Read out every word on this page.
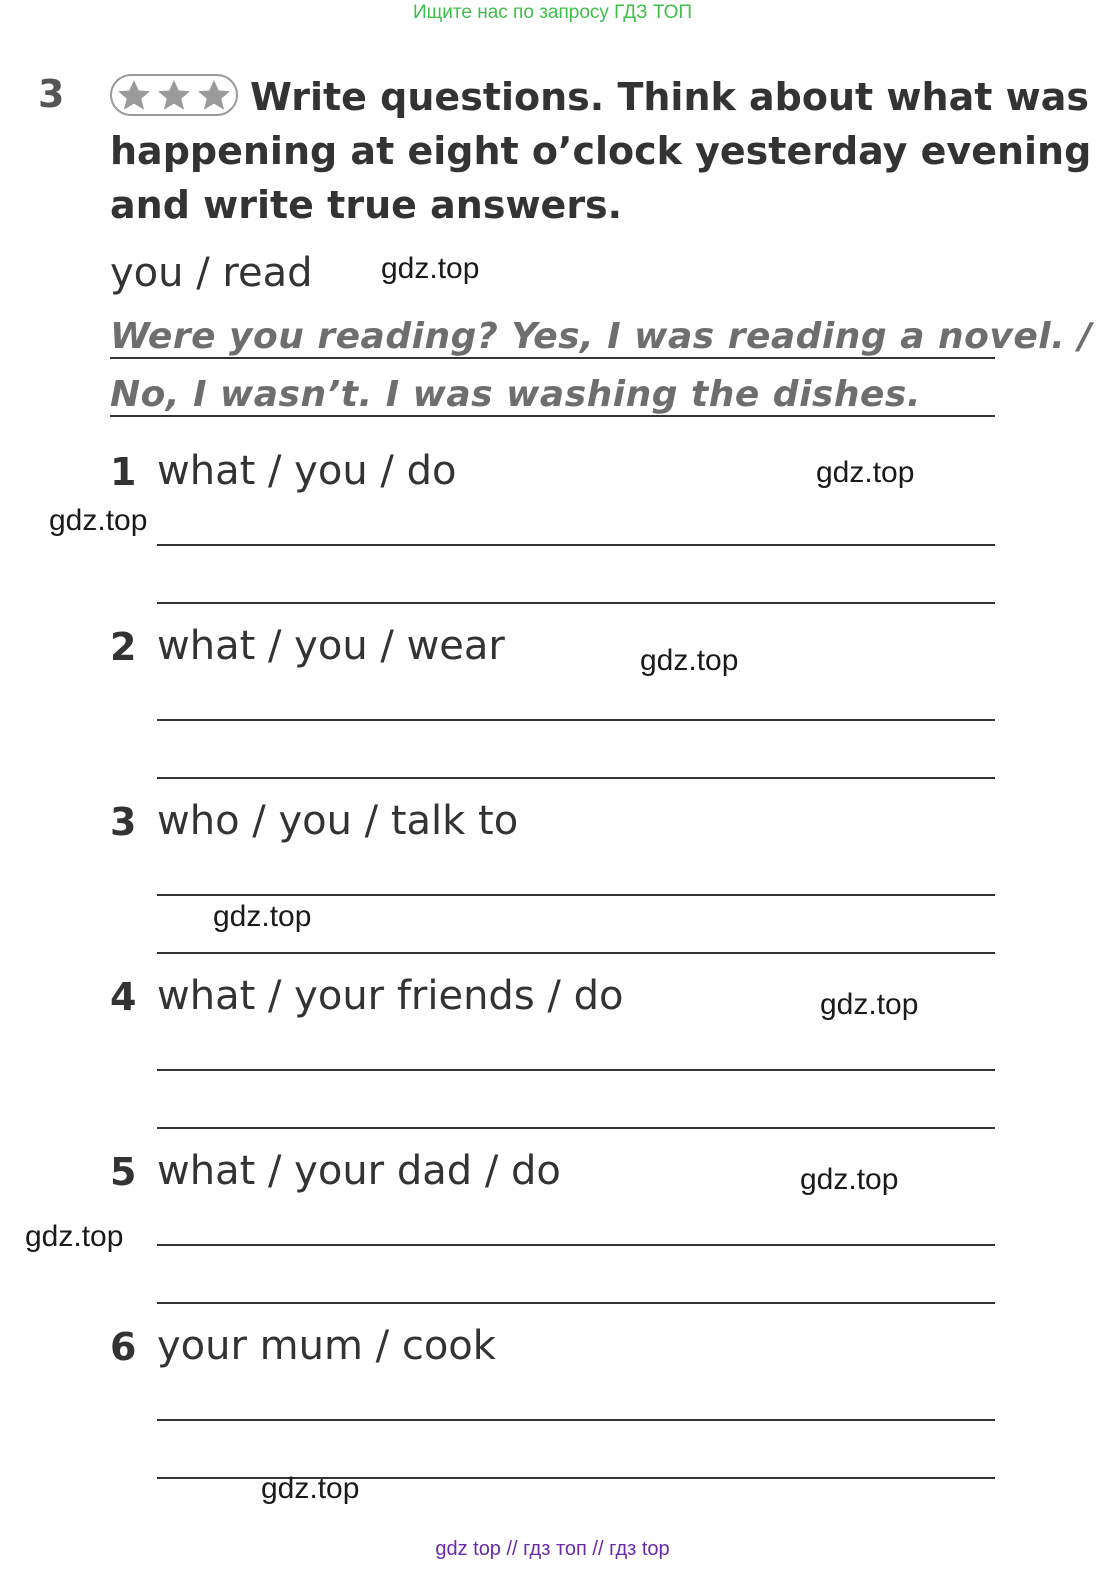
Ищите нас по запросу ГДЗ ТОП
3	Write questions. Think about what was
happening at eight o’clock yesterday evening
and write true answers.
you / read gdz.top
Were you reading? Yes, I was reading a novel. /
No, I wasn’t. I was washing the dishes.
1 what / you / do	gdz.top
gdz.top
2 what / you / wear	gdz.top
3 who / you / talk to
gdz.top
4 what / your friends / do	gdz.top
5 what / your dad / do	gdz.top
gdz.top
6 your mum / cook
gdz.top
gdz top // гдз топ // гдз top
